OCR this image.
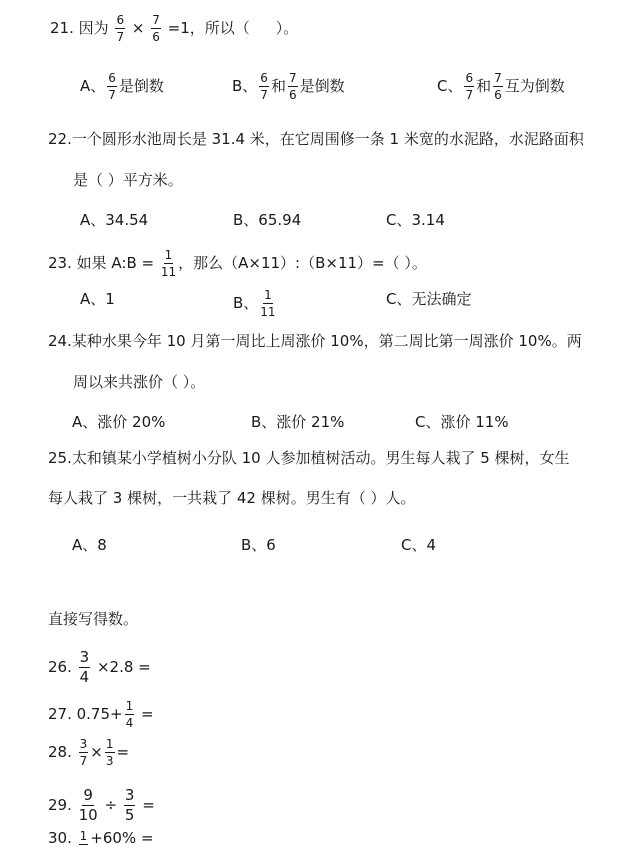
21. 因为 $\frac{6}{7} \times \frac{7}{6} =1$，所以（ ）。
A、 $\frac{6}{7}$ 是倒数	B、 $\frac{6}{7}$ 和 $\frac{7}{6}$ 是倒数	C、 $\frac{6}{7}$ 和 $\frac{7}{6}$ 互为倒数
22.一个圆形水池周长是 31.4 米，在它周围修一条 1 米宽的水泥路，水泥路面积
是（ ）平方米。
A、34.54	B、65.94	C、3.14
23. 如果 A:B = $\frac{1}{11}$ ，那么（A×11）:（B×11）=（ ）。
A、1	B、 $\frac{1}{11}$	C、无法确定
24.某种水果今年 10 月第一周比上周涨价 10%，第二周比第一周涨价 10%。两
周以来共涨价（ ）。
A、涨价 20%	B、涨价 21%	C、涨价 11%
25.太和镇某小学植树小分队 10 人参加植树活动。男生每人栽了 5 棵树，女生
每人栽了 3 棵树，一共栽了 42 棵树。男生有（ ）人。
A、8	B、6	C、4
直接写得数。
26. $\frac{3}{4} \times 2.8$ =
27. $0.75+ \frac{1}{4}$ =
28. $\frac{3}{7} \times \frac{1}{3}$ =
29. $\frac{9}{10} \div \frac{3}{5}$ =
30. 1 +60% =
